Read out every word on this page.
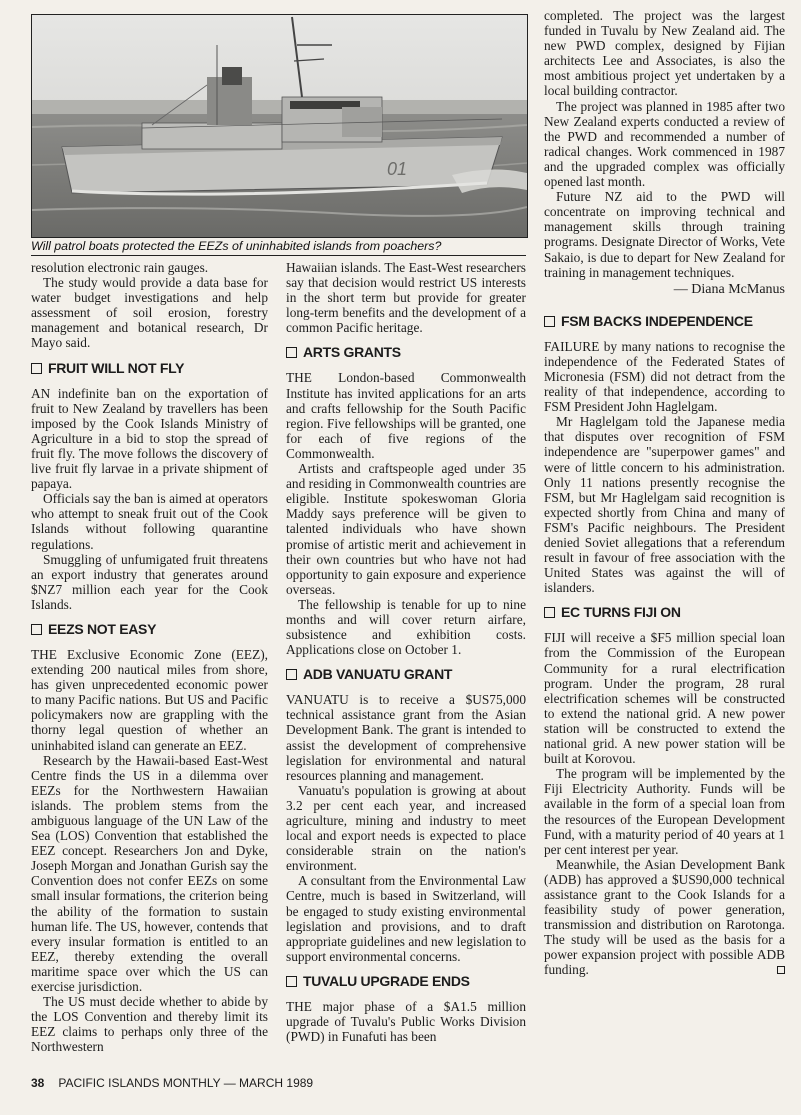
01
Will patrol boats protected the EEZs of uninhabited islands from poachers?

resolution electronic rain gauges.

The study would provide a data base for water budget investigations and help assessment of soil erosion, forestry management and botanical research, Dr Mayo said.

FRUIT WILL NOT FLY

AN indefinite ban on the exportation of fruit to New Zealand by travellers has been imposed by the Cook Islands Ministry of Agriculture in a bid to stop the spread of fruit fly. The move follows the discovery of live fruit fly larvae in a private shipment of papaya.

Officials say the ban is aimed at operators who attempt to sneak fruit out of the Cook Islands without following quarantine regulations.

Smuggling of unfumigated fruit threatens an export industry that generates around $NZ7 million each year for the Cook Islands.

EEZS NOT EASY

THE Exclusive Economic Zone (EEZ), extending 200 nautical miles from shore, has given unprecedented economic power to many Pacific nations. But US and Pacific policymakers now are grappling with the thorny legal question of whether an uninhabited island can generate an EEZ.

Research by the Hawaii-based East-West Centre finds the US in a dilemma over EEZs for the Northwestern Hawaiian islands. The problem stems from the ambiguous language of the UN Law of the Sea (LOS) Convention that established the EEZ concept. Researchers Jon and Dyke, Joseph Morgan and Jonathan Gurish say the Convention does not confer EEZs on some small insular formations, the criterion being the ability of the formation to sustain human life. The US, however, contends that every insular formation is entitled to an EEZ, thereby extending the overall maritime space over which the US can exercise jurisdiction.

The US must decide whether to abide by the LOS Convention and thereby limit its EEZ claims to perhaps only three of the Northwestern

Hawaiian islands. The East-West researchers say that decision would restrict US interests in the short term but provide for greater long-term benefits and the development of a common Pacific heritage.

ARTS GRANTS

THE London-based Commonwealth Institute has invited applications for an arts and crafts fellowship for the South Pacific region. Five fellowships will be granted, one for each of five regions of the Commonwealth.

Artists and craftspeople aged under 35 and residing in Commonwealth countries are eligible. Institute spokeswoman Gloria Maddy says preference will be given to talented individuals who have shown promise of artistic merit and achievement in their own countries but who have not had opportunity to gain exposure and experience overseas.

The fellowship is tenable for up to nine months and will cover return airfare, subsistence and exhibition costs. Applications close on October 1.

ADB VANUATU GRANT

VANUATU is to receive a $US75,000 technical assistance grant from the Asian Development Bank. The grant is intended to assist the development of comprehensive legislation for environmental and natural resources planning and management.

Vanuatu's population is growing at about 3.2 per cent each year, and increased agriculture, mining and industry to meet local and export needs is expected to place considerable strain on the nation's environment.

A consultant from the Environmental Law Centre, much is based in Switzerland, will be engaged to study existing environmental legislation and provisions, and to draft appropriate guidelines and new legislation to support environmental concerns.

TUVALU UPGRADE ENDS

THE major phase of a $A1.5 million upgrade of Tuvalu's Public Works Division (PWD) in Funafuti has been

completed. The project was the largest funded in Tuvalu by New Zealand aid. The new PWD complex, designed by Fijian architects Lee and Associates, is also the most ambitious project yet undertaken by a local building contractor.

The project was planned in 1985 after two New Zealand experts conducted a review of the PWD and recommended a number of radical changes. Work commenced in 1987 and the upgraded complex was officially opened last month.

Future NZ aid to the PWD will concentrate on improving technical and management skills through training programs. Designate Director of Works, Vete Sakaio, is due to depart for New Zealand for training in management techniques.

— Diana McManus

FSM BACKS INDEPENDENCE

FAILURE by many nations to recognise the independence of the Federated States of Micronesia (FSM) did not detract from the reality of that independence, according to FSM President John Haglelgam.

Mr Haglelgam told the Japanese media that disputes over recognition of FSM independence are "superpower games" and were of little concern to his administration. Only 11 nations presently recognise the FSM, but Mr Haglelgam said recognition is expected shortly from China and many of FSM's Pacific neighbours. The President denied Soviet allegations that a referendum result in favour of free association with the United States was against the will of islanders.

EC TURNS FIJI ON

FIJI will receive a $F5 million special loan from the Commission of the European Community for a rural electrification program. Under the program, 28 rural electrification schemes will be constructed to extend the national grid. A new power station will be constructed to extend the national grid. A new power station will be built at Korovou.

The program will be implemented by the Fiji Electricity Authority. Funds will be available in the form of a special loan from the resources of the European Development Fund, with a maturity period of 40 years at 1 per cent interest per year.

Meanwhile, the Asian Development Bank (ADB) has approved a $US90,000 technical assistance grant to the Cook Islands for a feasibility study of power generation, transmission and distribution on Rarotonga. The study will be used as the basis for a power expansion project with possible ADB funding.

38 PACIFIC ISLANDS MONTHLY — MARCH 1989
